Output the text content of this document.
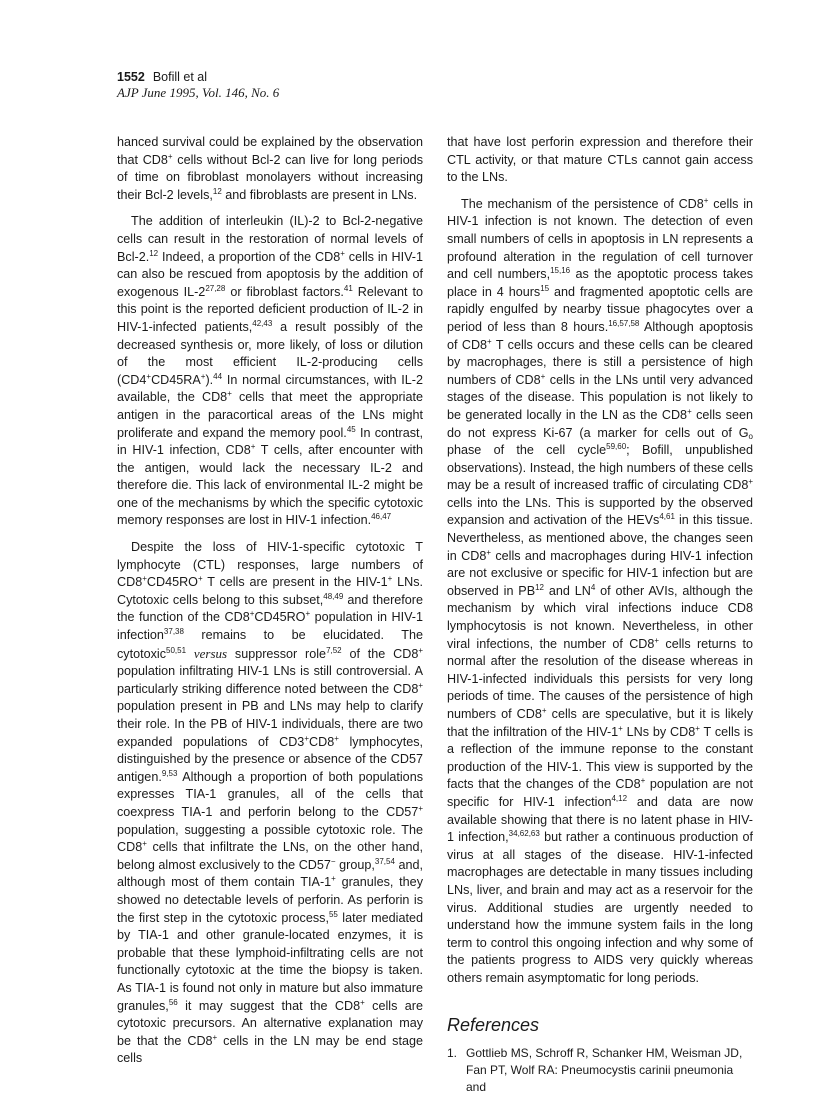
1552 Bofill et al
AJP June 1995, Vol. 146, No. 6

hanced survival could be explained by the observation that CD8+ cells without Bcl-2 can live for long periods of time on fibroblast monolayers without increasing their Bcl-2 levels,$^{12}$ and fibroblasts are present in LNs.

The addition of interleukin (IL)-2 to Bcl-2-negative cells can result in the restoration of normal levels of Bcl-2.12 Indeed, a proportion of the CD8+ cells in HIV-1 can also be rescued from apoptosis by the addition of exogenous IL-2$^{27,28}$ or fibroblast factors.$^{41}$ Relevant to this point is the reported deficient production of IL-2 in HIV-1-infected patients,$^{42,43}$ a result possibly of the decreased synthesis or, more likely, of loss or dilution of the most efficient IL-2-producing cells (CD4+CD45RA+).$^{44}$ In normal circumstances, with IL-2 available, the CD8+ cells that meet the appropriate antigen in the paracortical areas of the LNs might proliferate and expand the memory pool.$^{45}$ In contrast, in HIV-1 infection, CD8+ T cells, after encounter with the antigen, would lack the necessary IL-2 and therefore die. This lack of environmental IL-2 might be one of the mechanisms by which the specific cytotoxic memory responses are lost in HIV-1 infection.$^{46,47}$

Despite the loss of HIV-1-specific cytotoxic T lymphocyte (CTL) responses, large numbers of CD8+CD45RO+ T cells are present in the HIV-1+ LNs. Cytotoxic cells belong to this subset,$^{48,49}$ and therefore the function of the CD8+CD45RO+ population in HIV-1 infection$^{37,38}$ remains to be elucidated. The cytotoxic$^{50,51}$ versus suppressor role$^{7,52}$ of the CD8+ population infiltrating HIV-1 LNs is still controversial. A particularly striking difference noted between the CD8+ population present in PB and LNs may help to clarify their role. In the PB of HIV-1 individuals, there are two expanded populations of CD3+CD8+ lymphocytes, distinguished by the presence or absence of the CD57 antigen.$^{9,53}$ Although a proportion of both populations expresses TIA-1 granules, all of the cells that coexpress TIA-1 and perforin belong to the CD57+ population, suggesting a possible cytotoxic role. The CD8+ cells that infiltrate the LNs, on the other hand, belong almost exclusively to the CD57− group,$^{37,54}$ and, although most of them contain TIA-1+ granules, they showed no detectable levels of perforin. As perforin is the first step in the cytotoxic process,$^{55}$ later mediated by TIA-1 and other granule-located enzymes, it is probable that these lymphoid-infiltrating cells are not functionally cytotoxic at the time the biopsy is taken. As TIA-1 is found not only in mature but also immature granules,$^{56}$ it may suggest that the CD8+ cells are cytotoxic precursors. An alternative explanation may be that the CD8+ cells in the LN may be end stage cells

that have lost perforin expression and therefore their CTL activity, or that mature CTLs cannot gain access to the LNs.

The mechanism of the persistence of CD8+ cells in HIV-1 infection is not known. The detection of even small numbers of cells in apoptosis in LN represents a profound alteration in the regulation of cell turnover and cell numbers,$^{15,16}$ as the apoptotic process takes place in 4 hours$^{15}$ and fragmented apoptotic cells are rapidly engulfed by nearby tissue phagocytes over a period of less than 8 hours.$^{16,57,58}$ Although apoptosis of CD8+ T cells occurs and these cells can be cleared by macrophages, there is still a persistence of high numbers of CD8+ cells in the LNs until very advanced stages of the disease. This population is not likely to be generated locally in the LN as the CD8+ cells seen do not express Ki-67 (a marker for cells out of $G_o$ phase of the cell cycle$^{59,60}$; Bofill, unpublished observations). Instead, the high numbers of these cells may be a result of increased traffic of circulating CD8+ cells into the LNs. This is supported by the observed expansion and activation of the HEVs$^{4,61}$ in this tissue. Nevertheless, as mentioned above, the changes seen in CD8+ cells and macrophages during HIV-1 infection are not exclusive or specific for HIV-1 infection but are observed in PB$^{12}$ and $LN^4$ of other AVIs, although the mechanism by which viral infections induce CD8 lymphocytosis is not known. Nevertheless, in other viral infections, the number of CD8+ cells returns to normal after the resolution of the disease whereas in HIV-1-infected individuals this persists for very long periods of time. The causes of the persistence of high numbers of CD8+ cells are speculative, but it is likely that the infiltration of the HIV-1+ LNs by CD8+ T cells is a reflection of the immune reponse to the constant production of the HIV-1. This view is supported by the facts that the changes of the CD8+ population are not specific for HIV-1 infection$^{4,12}$ and data are now available showing that there is no latent phase in HIV-1 infection,$^{34,62,63}$ but rather a continuous production of virus at all stages of the disease. HIV-1-infected macrophages are detectable in many tissues including LNs, liver, and brain and may act as a reservoir for the virus. Additional studies are urgently needed to understand how the immune system fails in the long term to control this ongoing infection and why some of the patients progress to AIDS very quickly whereas others remain asymptomatic for long periods.

References
1. Gottlieb MS, Schroff R, Schanker HM, Weisman JD, Fan PT, Wolf RA: Pneumocystis carinii pneumonia and
